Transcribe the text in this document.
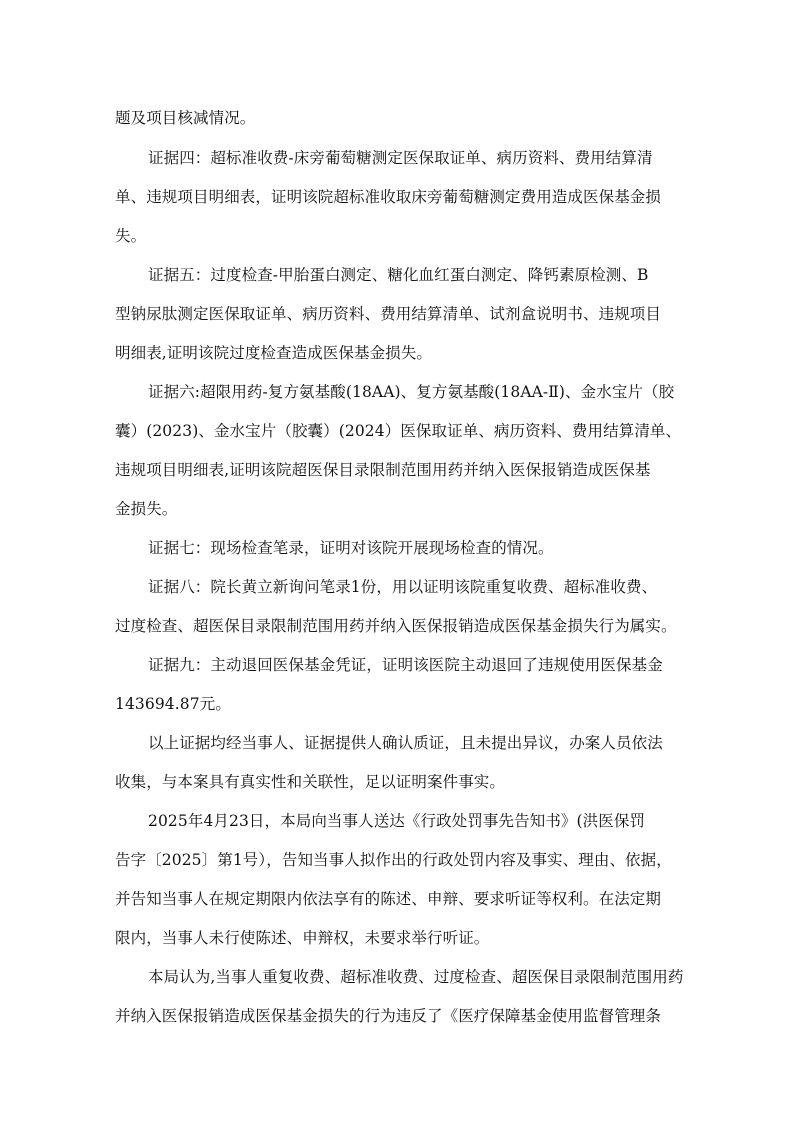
题及项目核减情况。
证据四：超标准收费-床旁葡萄糖测定医保取证单、病历资料、费用结算清
单、违规项目明细表，证明该院超标准收取床旁葡萄糖测定费用造成医保基金损
失。
证据五：过度检查-甲胎蛋白测定、糖化血红蛋白测定、降钙素原检测、B
型钠尿肽测定医保取证单、病历资料、费用结算清单、试剂盒说明书、违规项目
明细表,证明该院过度检查造成医保基金损失。
证据六:超限用药-复方氨基酸(18AA)、复方氨基酸(18AA-Ⅱ)、金水宝片（胶
囊）(2023)、金水宝片（胶囊）(2024）医保取证单、病历资料、费用结算清单、
违规项目明细表,证明该院超医保目录限制范围用药并纳入医保报销造成医保基
金损失。
证据七：现场检查笔录，证明对该院开展现场检查的情况。
证据八：院长黄立新询问笔录1份，用以证明该院重复收费、超标准收费、
过度检查、超医保目录限制范围用药并纳入医保报销造成医保基金损失行为属实。
证据九：主动退回医保基金凭证，证明该医院主动退回了违规使用医保基金
143694.87元。
以上证据均经当事人、证据提供人确认质证，且未提出异议，办案人员依法
收集，与本案具有真实性和关联性，足以证明案件事实。
2025年4月23日，本局向当事人送达《行政处罚事先告知书》(洪医保罚
告字〔2025〕第1号），告知当事人拟作出的行政处罚内容及事实、理由、依据，
并告知当事人在规定期限内依法享有的陈述、申辩、要求听证等权利。在法定期
限内，当事人未行使陈述、申辩权，未要求举行听证。
本局认为,当事人重复收费、超标准收费、过度检查、超医保目录限制范围用药
并纳入医保报销造成医保基金损失的行为违反了《医疗保障基金使用监督管理条
